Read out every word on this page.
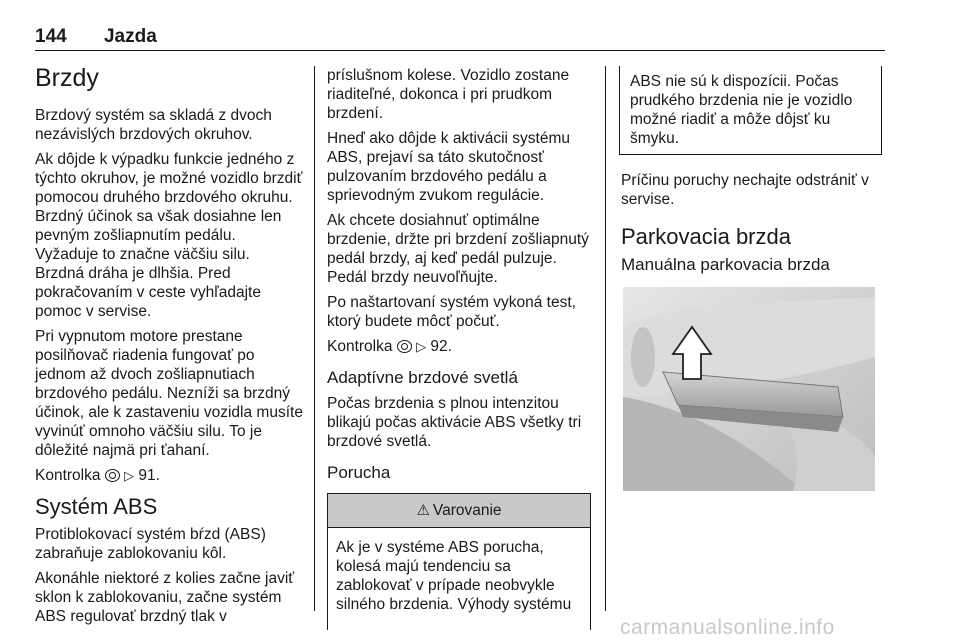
144 Jazda
Brzdy

Brzdový systém sa skladá z dvoch nezávislých brzdových okruhov.

Ak dôjde k výpadku funkcie jedného z týchto okruhov, je možné vozidlo brzdiť pomocou druhého brzdového okruhu. Brzdný účinok sa však dosiahne len pevným zošliapnutím pedálu. Vyžaduje to značne väčšiu silu. Brzdná dráha je dlhšia. Pred pokračovaním v ceste vyhľadajte pomoc v servise.

Pri vypnutom motore prestane posilňovač riadenia fungovať po jednom až dvoch zošliapnutiach brzdového pedálu. Nezníži sa brzdný účinok, ale k zastaveniu vozidla musíte vyvinúť omnoho väčšiu silu. To je dôležité najmä pri ťahaní.

Kontrolka ▷ 91.

Systém ABS

Protiblokovací systém bŕzd (ABS) zabraňuje zablokovaniu kôl.

Akonáhle niektoré z kolies začne javiť sklon k zablokovaniu, začne systém ABS regulovať brzdný tlak v

príslušnom kolese. Vozidlo zostane riaditeľné, dokonca i pri prudkom brzdení.

Hneď ako dôjde k aktivácii systému ABS, prejaví sa táto skutočnosť pulzovaním brzdového pedálu a sprievodným zvukom regulácie.

Ak chcete dosiahnuť optimálne brzdenie, držte pri brzdení zošliapnutý pedál brzdy, aj keď pedál pulzuje. Pedál brzdy neuvoľňujte.

Po naštartovaní systém vykoná test, ktorý budete môcť počuť.

Kontrolka ▷ 92.

Adaptívne brzdové svetlá

Počas brzdenia s plnou intenzitou blikajú počas aktivácie ABS všetky tri brzdové svetlá.

Porucha
⚠ Varovanie
Ak je v systéme ABS porucha, kolesá majú tendenciu sa zablokovať v prípade neobvykle silného brzdenia. Výhody systému
ABS nie sú k dispozícii. Počas prudkého brzdenia nie je vozidlo možné riadiť a môže dôjsť ku šmyku.

Príčinu poruchy nechajte odstrániť v servise.

Parkovacia brzda
Manuálna parkovacia brzda
carmanualsonline.info
